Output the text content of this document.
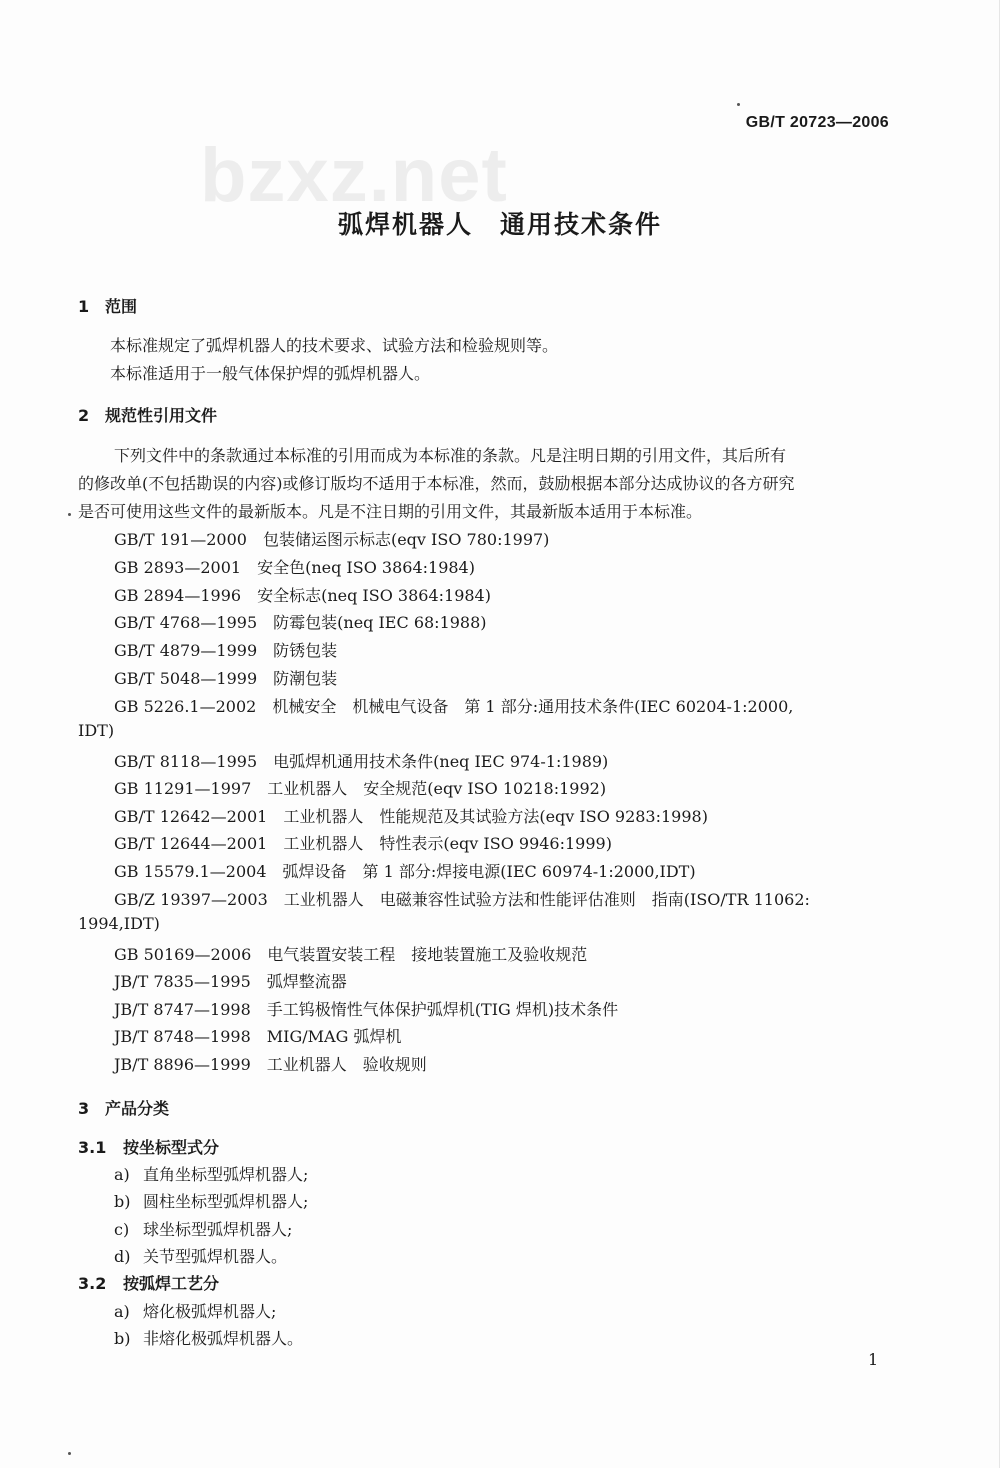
bzxz.net
GB/T 20723—2006
弧焊机器人　通用技术条件
1 范围
本标准规定了弧焊机器人的技术要求、试验方法和检验规则等。
本标准适用于一般气体保护焊的弧焊机器人。
2 规范性引用文件
下列文件中的条款通过本标准的引用而成为本标准的条款。凡是注明日期的引用文件，其后所有
的修改单(不包括勘误的内容)或修订版均不适用于本标准，然而，鼓励根据本部分达成协议的各方研究
是否可使用这些文件的最新版本。凡是不注日期的引用文件，其最新版本适用于本标准。
GB/T 191—2000　 包装储运图示标志(eqv ISO 780:1997)
GB 2893—2001　 安全色(neq ISO 3864:1984)
GB 2894—1996　 安全标志(neq ISO 3864:1984)
GB/T 4768—1995　 防霉包装(neq IEC 68:1988)
GB/T 4879—1999　 防锈包装
GB/T 5048—1999　 防潮包装
GB 5226.1—2002　 机械安全　机械电气设备　第 1 部分:通用技术条件(IEC 60204-1:2000,
IDT)
GB/T 8118—1995　 电弧焊机通用技术条件(neq IEC 974-1:1989)
GB 11291—1997　 工业机器人　安全规范(eqv ISO 10218:1992)
GB/T 12642—2001　 工业机器人　性能规范及其试验方法(eqv ISO 9283:1998)
GB/T 12644—2001　 工业机器人　特性表示(eqv ISO 9946:1999)
GB 15579.1—2004　 弧焊设备　第 1 部分:焊接电源(IEC 60974-1:2000,IDT)
GB/Z 19397—2003　 工业机器人　电磁兼容性试验方法和性能评估准则　指南(ISO/TR 11062:
1994,IDT)
GB 50169—2006　 电气装置安装工程　接地装置施工及验收规范
JB/T 7835—1995　 弧焊整流器
JB/T 8747—1998　 手工钨极惰性气体保护弧焊机(TIG 焊机)技术条件
JB/T 8748—1998　 MIG/MAG 弧焊机
JB/T 8896—1999　 工业机器人　验收规则
3 产品分类
3.1 按坐标型式分
a) 直角坐标型弧焊机器人;
b) 圆柱坐标型弧焊机器人;
c) 球坐标型弧焊机器人;
d) 关节型弧焊机器人。
3.2 按弧焊工艺分
a) 熔化极弧焊机器人;
b) 非熔化极弧焊机器人。
1
